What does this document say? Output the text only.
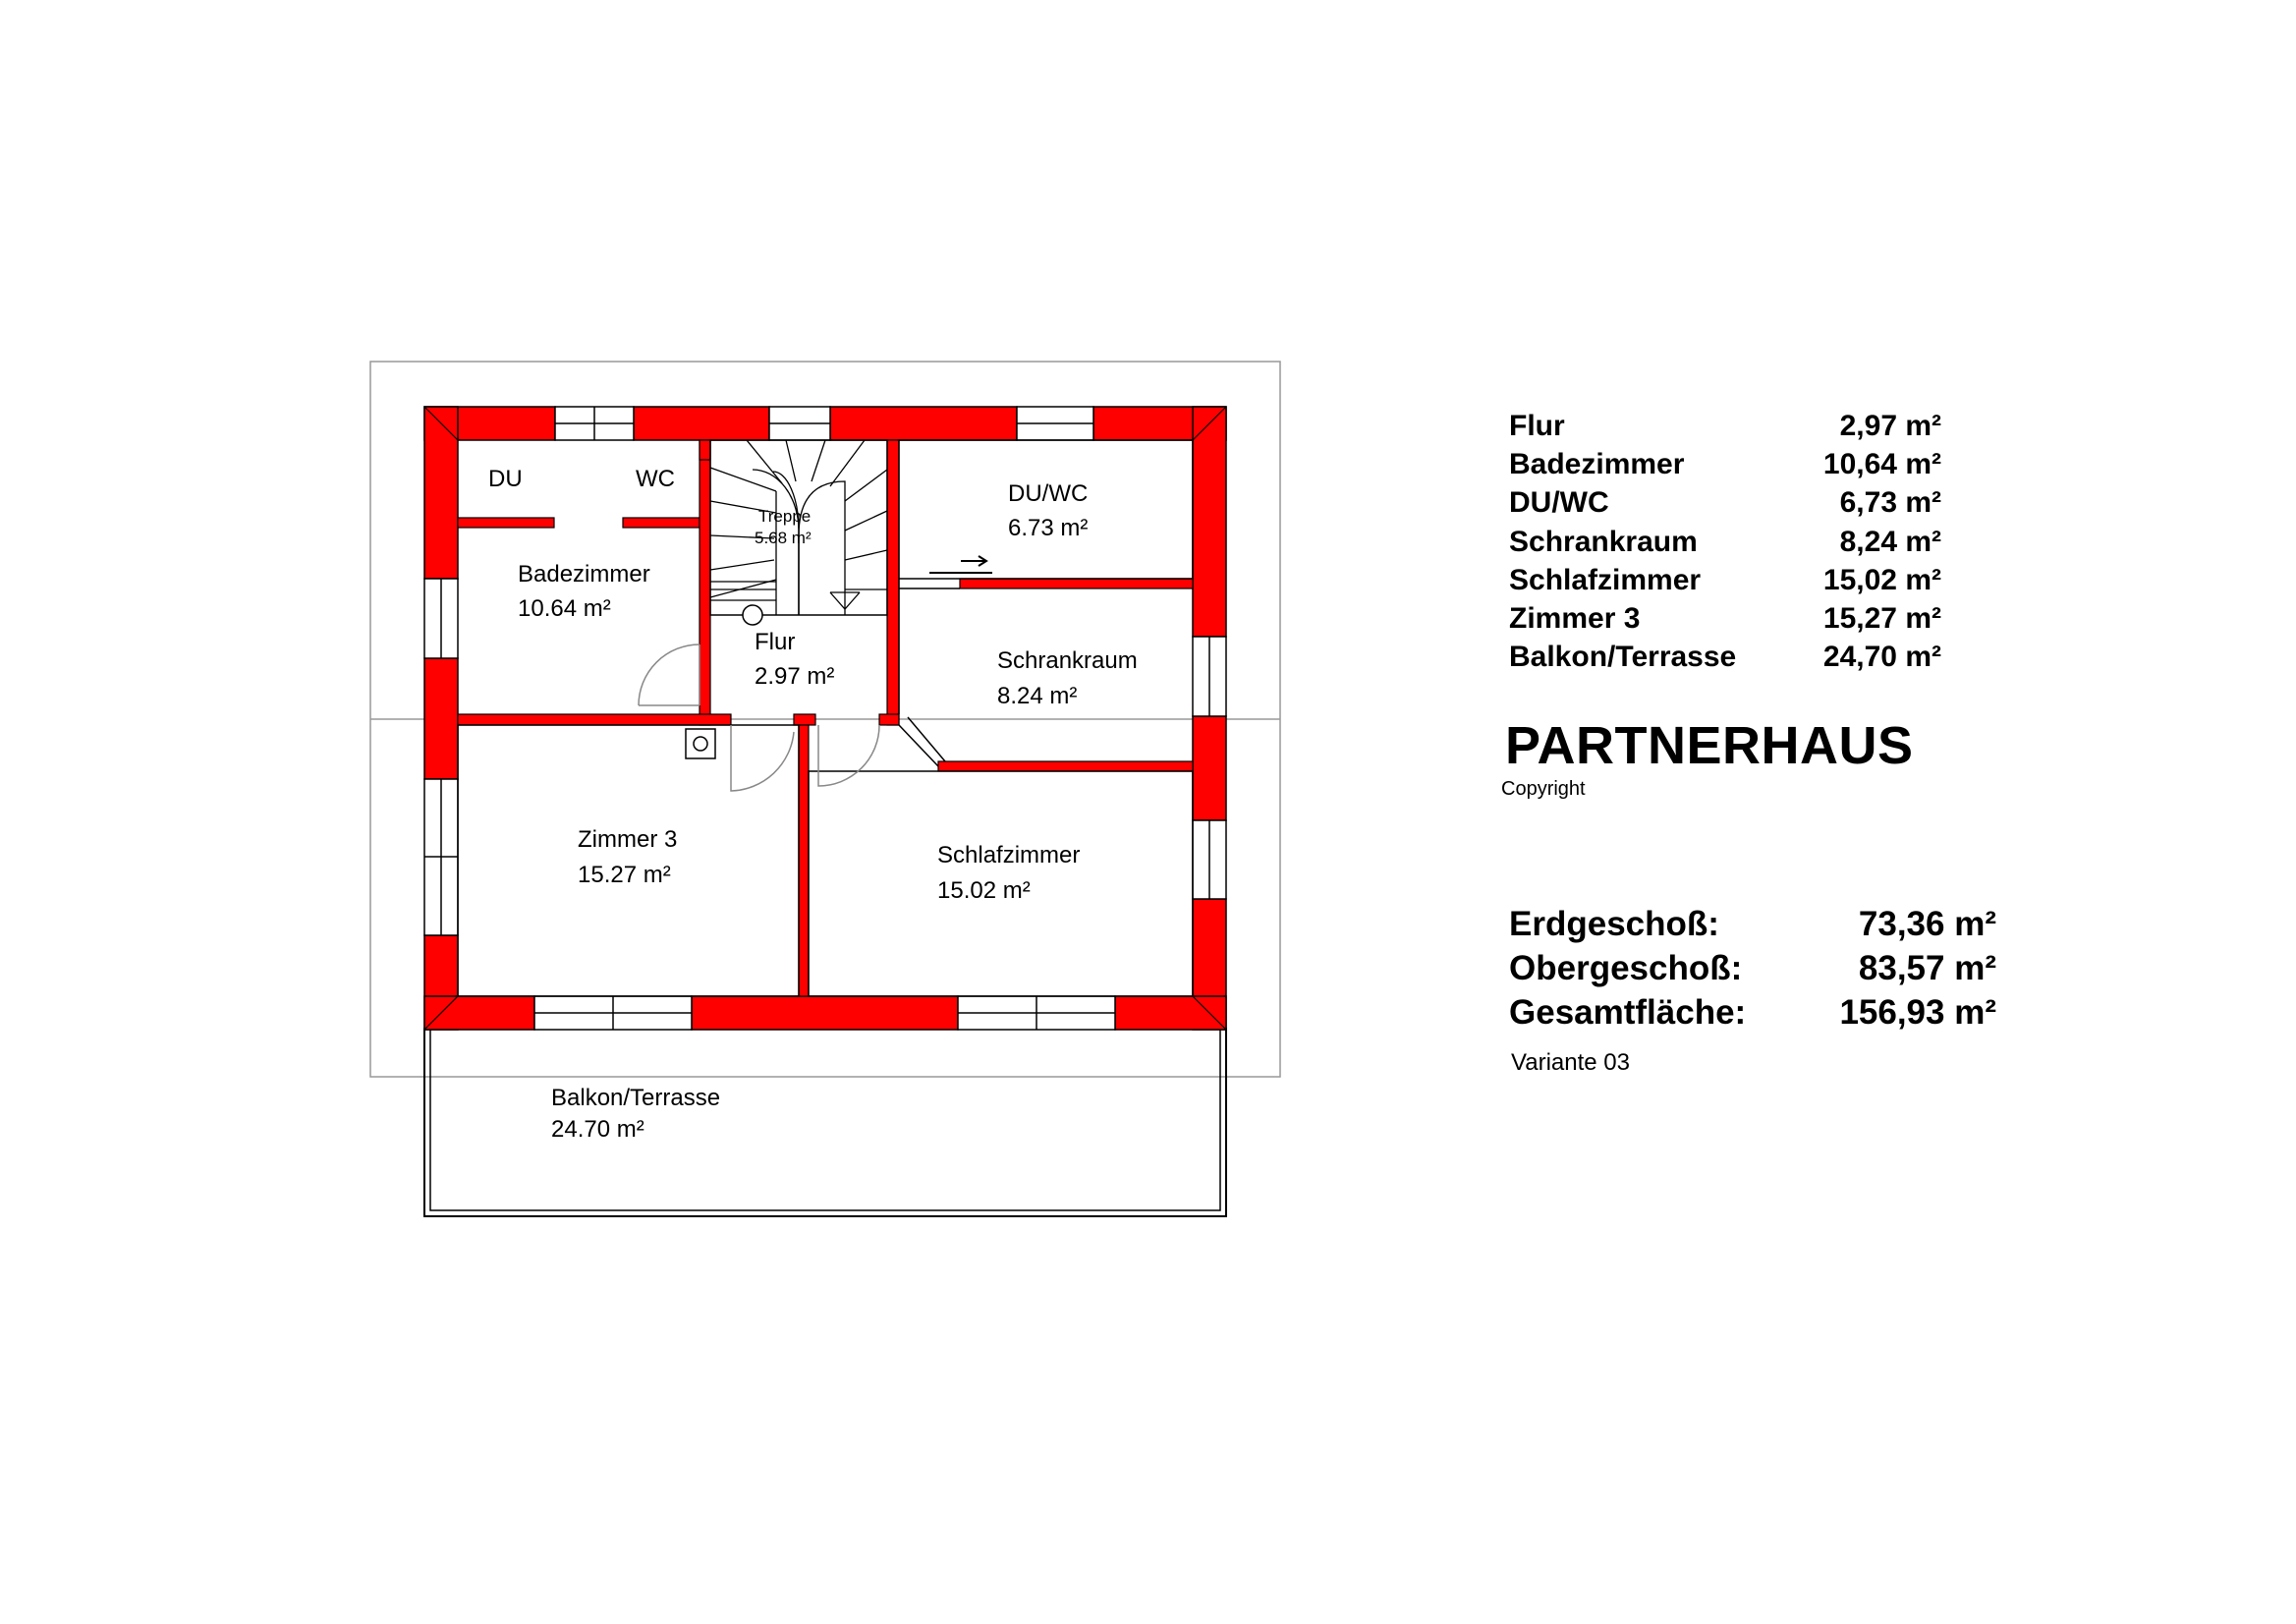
DU	WC
Treppe
5.68 m²
Badezimmer
10.64 m²
Flur
2.97 m²
DU/WC
6.73 m²
Schrankraum
8.24 m²
Zimmer 3
15.27 m²
Schlafzimmer
15.02 m²
Balkon/Terrasse
24.70 m²
Flur	2,97 m²
Badezimmer	10,64 m²
DU/WC	6,73 m²
Schrankraum	8,24 m²
Schlafzimmer	15,02 m²
Zimmer 3	15,27 m²
Balkon/Terrasse	24,70 m²
PARTNERHAUS
Copyright
Erdgeschoß:	73,36 m²
Obergeschoß:	83,57 m²
Gesamtfläche:	156,93 m²
Variante 03
